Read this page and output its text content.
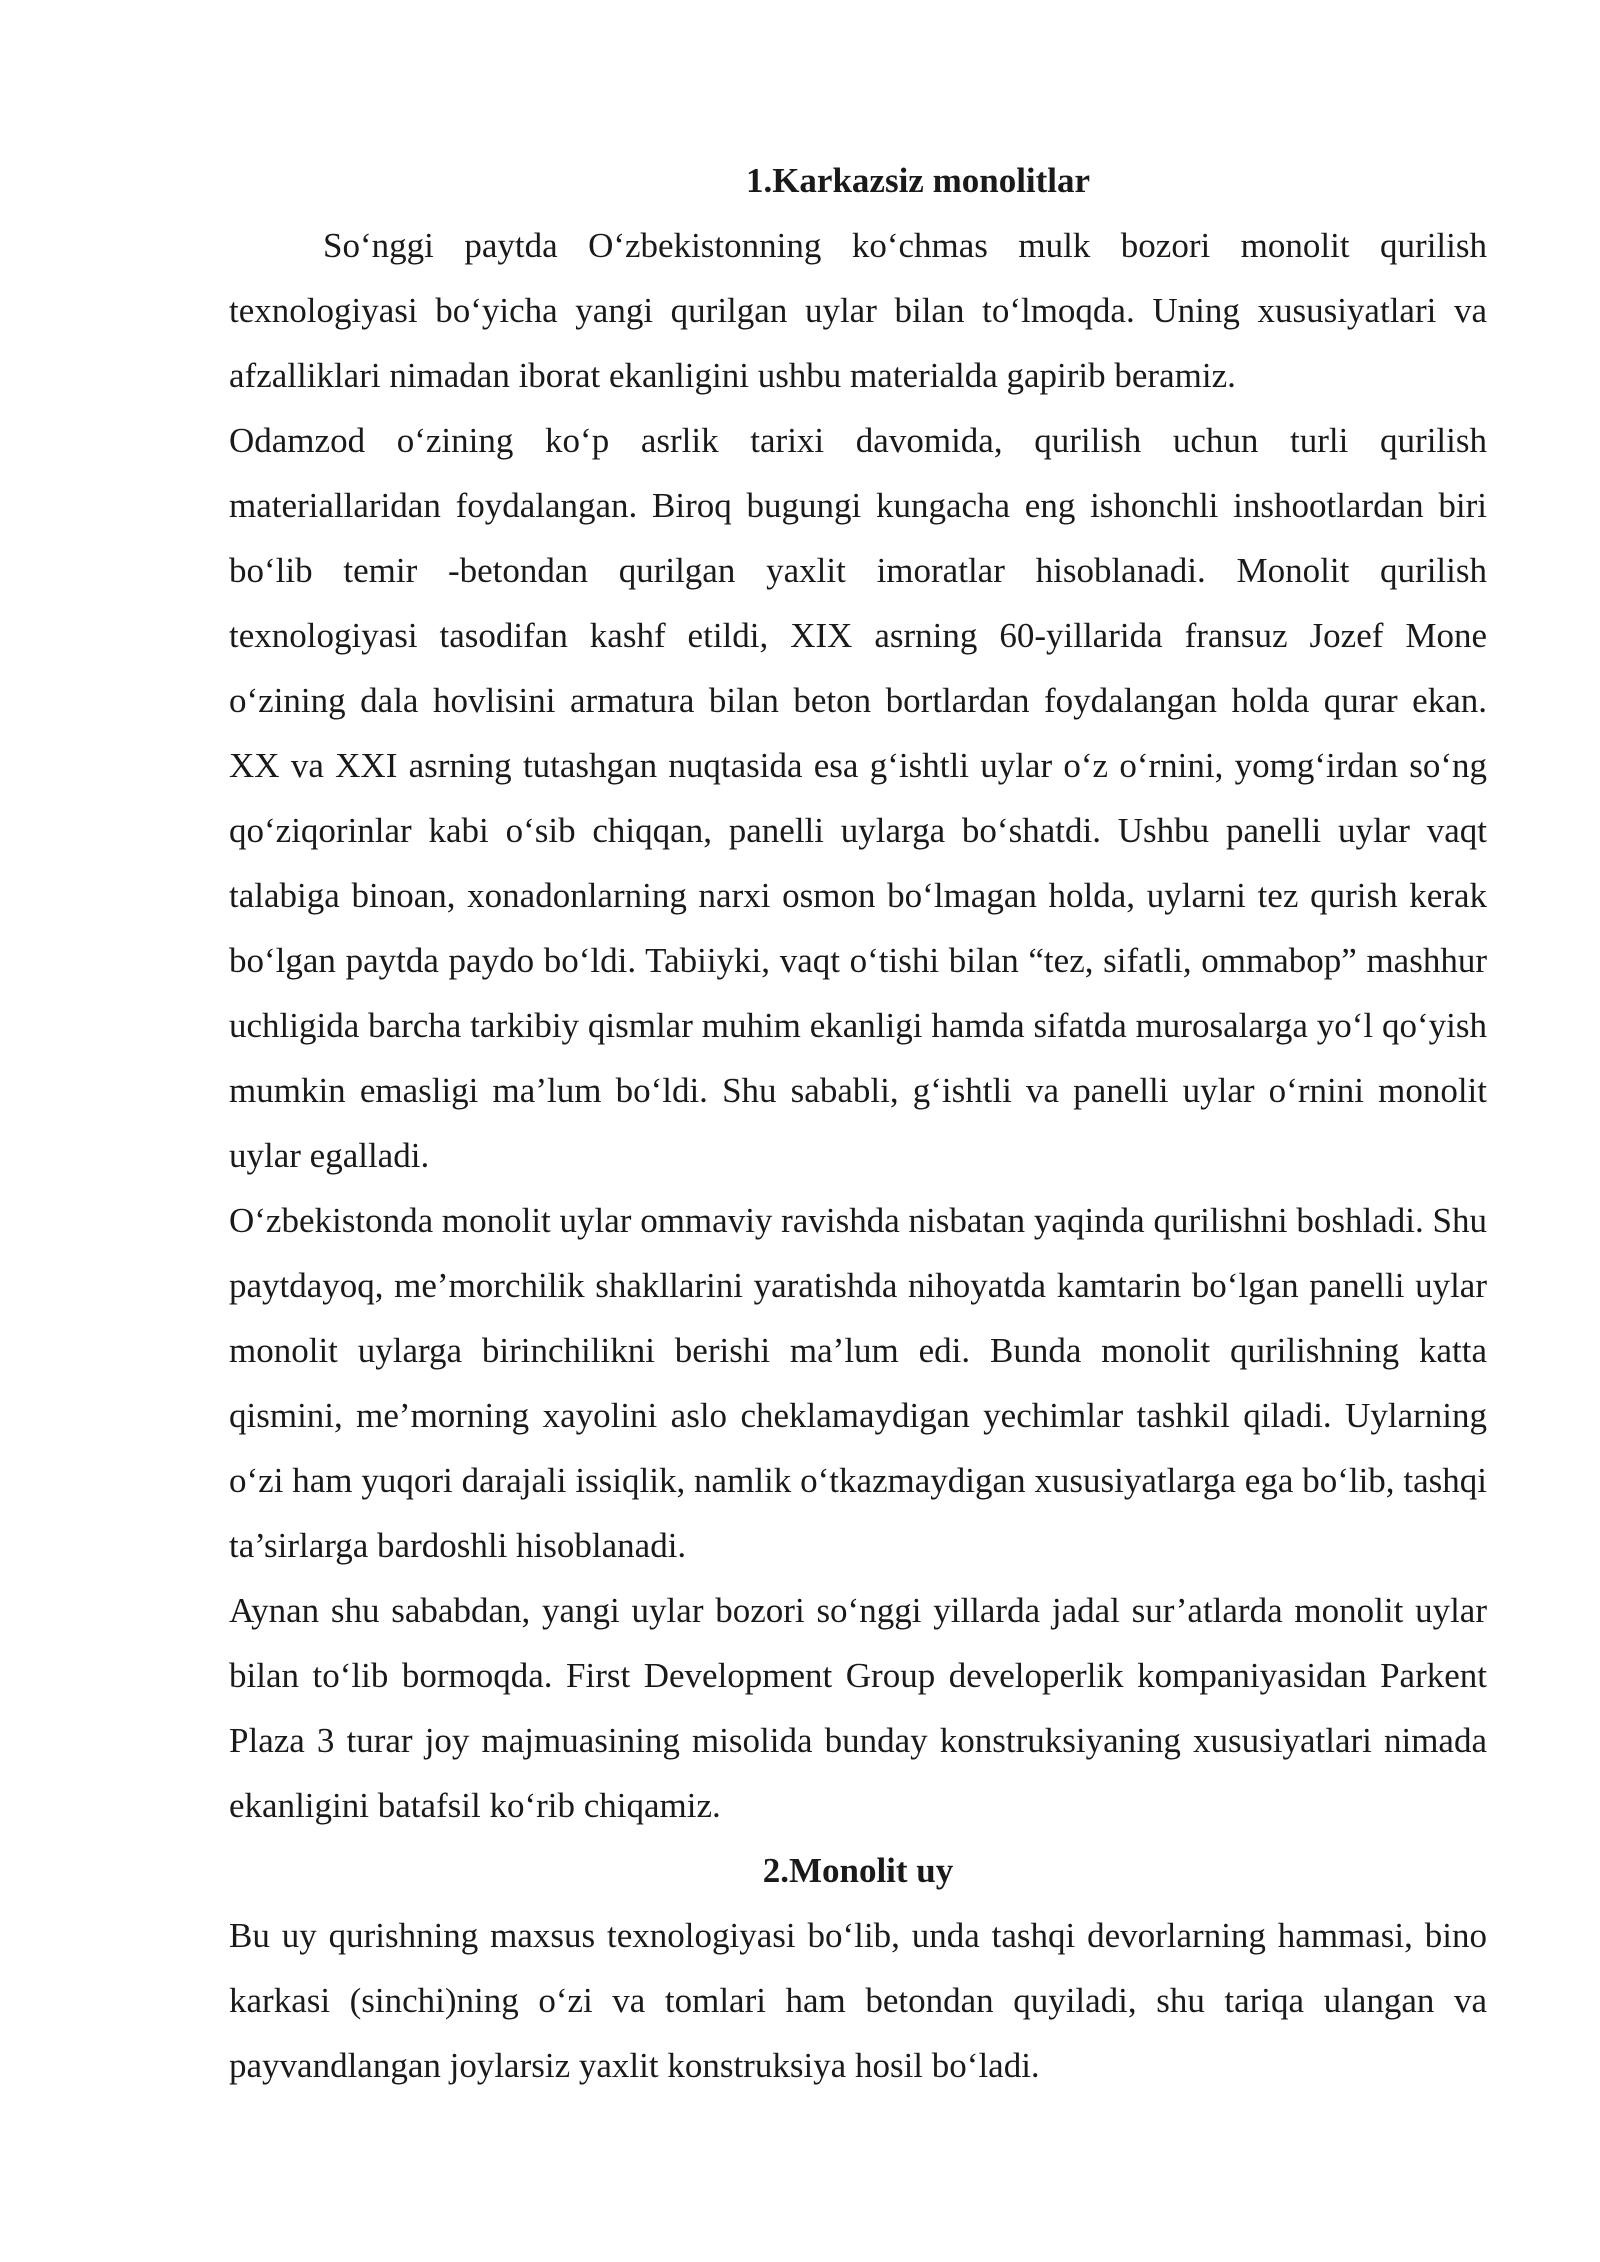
1.Karkazsiz monolitlar

So‘nggi paytda O‘zbekistonning ko‘chmas mulk bozori monolit qurilish texnologiyasi bo‘yicha yangi qurilgan uylar bilan to‘lmoqda. Uning xususiyatlari va afzalliklari nimadan iborat ekanligini ushbu materialda gapirib beramiz.

Odamzod o‘zining ko‘p asrlik tarixi davomida, qurilish uchun turli qurilish materiallaridan foydalangan. Biroq bugungi kungacha eng ishonchli inshootlardan biri bo‘lib temir -betondan qurilgan yaxlit imoratlar hisoblanadi. Monolit qurilish texnologiyasi tasodifan kashf etildi, XIX asrning 60-yillarida fransuz Jozef Mone o‘zining dala hovlisini armatura bilan beton bortlardan foydalangan holda qurar ekan. XX va XXI asrning tutashgan nuqtasida esa g‘ishtli uylar o‘z o‘rnini, yomg‘irdan so‘ng qo‘ziqorinlar kabi o‘sib chiqqan, panelli uylarga bo‘shatdi. Ushbu panelli uylar vaqt talabiga binoan, xonadonlarning narxi osmon bo‘lmagan holda, uylarni tez qurish kerak bo‘lgan paytda paydo bo‘ldi. Tabiiyki, vaqt o‘tishi bilan “tez, sifatli, ommabop” mashhur uchligida barcha tarkibiy qismlar muhim ekanligi hamda sifatda murosalarga yo‘l qo‘yish mumkin emasligi ma’lum bo‘ldi. Shu sababli, g‘ishtli va panelli uylar o‘rnini monolit uylar egalladi.

O‘zbekistonda monolit uylar ommaviy ravishda nisbatan yaqinda qurilishni boshladi. Shu paytdayoq, me’morchilik shakllarini yaratishda nihoyatda kamtarin bo‘lgan panelli uylar monolit uylarga birinchilikni berishi ma’lum edi. Bunda monolit qurilishning katta qismini, me’morning xayolini aslo cheklamaydigan yechimlar tashkil qiladi. Uylarning o‘zi ham yuqori darajali issiqlik, namlik o‘tkazmaydigan xususiyatlarga ega bo‘lib, tashqi ta’sirlarga bardoshli hisoblanadi.

Aynan shu sababdan, yangi uylar bozori so‘nggi yillarda jadal sur’atlarda monolit uylar bilan to‘lib bormoqda. First Development Group developerlik kompaniyasidan Parkent Plaza 3 turar joy majmuasining misolida bunday konstruksiyaning xususiyatlari nimada ekanligini batafsil ko‘rib chiqamiz.

2.Monolit uy

Bu uy qurishning maxsus texnologiyasi bo‘lib, unda tashqi devorlarning hammasi, bino karkasi (sinchi)ning o‘zi va tomlari ham betondan quyiladi, shu tariqa ulangan va payvandlangan joylarsiz yaxlit konstruksiya hosil bo‘ladi.
